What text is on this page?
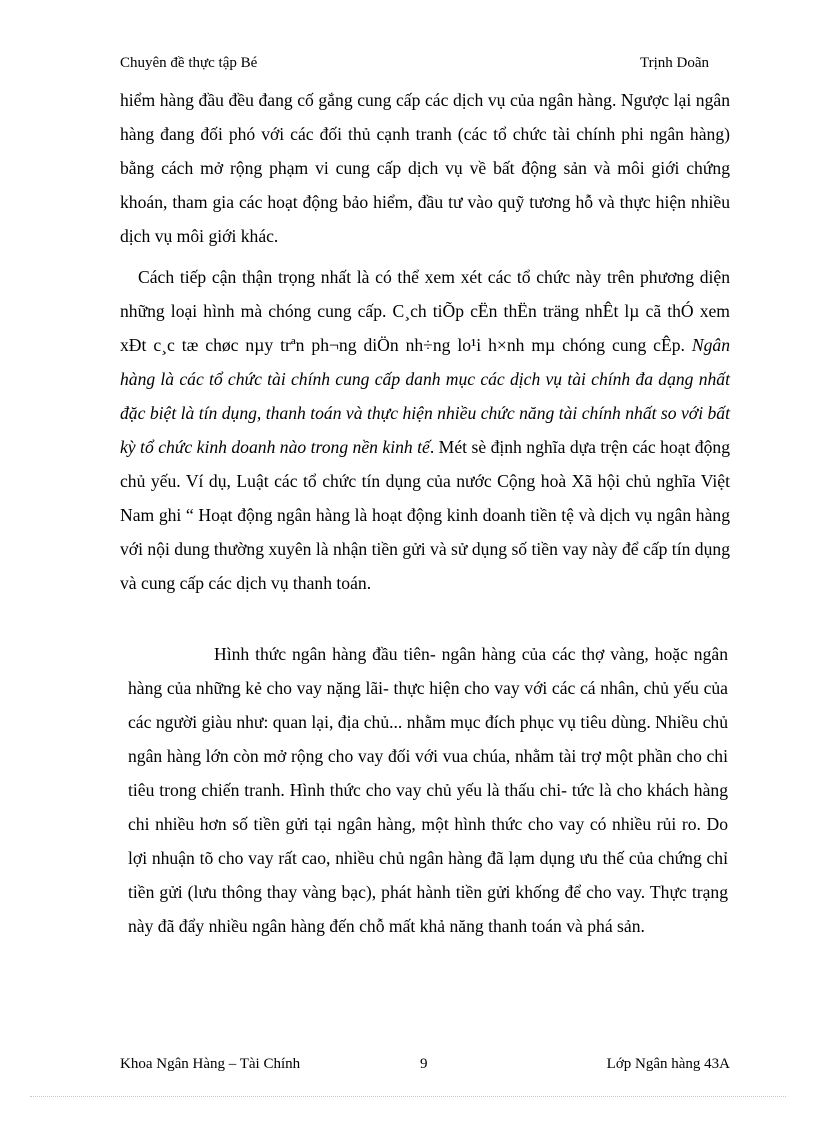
Chuyên đề thực tập Bé	Trịnh Doãn

hiểm hàng đầu đều đang cố gắng cung cấp các dịch vụ của ngân hàng. Ngược lại ngân hàng đang đối phó với các đối thủ cạnh tranh (các tổ chức tài chính phi ngân hàng) bằng cách mở rộng phạm vi cung cấp dịch vụ về bất động sản và môi giới chứng khoán, tham gia các hoạt động bảo hiểm, đầu tư vào quỹ tương hỗ và thực hiện nhiều dịch vụ môi giới khác.

Cách tiếp cận thận trọng nhất là có thể xem xét các tổ chức này trên phương diện những loại hình mà chóng cung cấp. C¸ch tiÕp cËn thËn träng nhÊt lµ cã thÓ xem xÐt c¸c tæ chøc nµy trªn ph¬ng diÖn nh÷ng lo¹i h×nh mµ chóng cung cÊp. Ngân hàng là các tổ chức tài chính cung cấp danh mục các dịch vụ tài chính đa dạng nhất đặc biệt là tín dụng, thanh toán và thực hiện nhiều chức năng tài chính nhất so với bất kỳ tổ chức kinh doanh nào trong nền kinh tế. Mét sè định nghĩa dựa trện các hoạt động chủ yếu. Ví dụ, Luật các tổ chức tín dụng của nước Cộng hoà Xã hội chủ nghĩa Việt Nam ghi “ Hoạt động ngân hàng là hoạt động kinh doanh tiền tệ và dịch vụ ngân hàng với nội dung thường xuyên là nhận tiền gửi và sử dụng số tiền vay này để cấp tín dụng và cung cấp các dịch vụ thanh toán.

Hình thức ngân hàng đầu tiên- ngân hàng của các thợ vàng, hoặc ngân hàng của những kẻ cho vay nặng lãi- thực hiện cho vay với các cá nhân, chủ yếu của các người giàu như: quan lại, địa chủ... nhằm mục đích phục vụ tiêu dùng. Nhiều chủ ngân hàng lớn còn mở rộng cho vay đối với vua chúa, nhằm tài trợ một phần cho chi tiêu trong chiến tranh. Hình thức cho vay chủ yếu là thấu chi- tức là cho khách hàng chi nhiều hơn số tiền gửi tại ngân hàng, một hình thức cho vay có nhiều rủi ro. Do lợi nhuận tõ cho vay rất cao, nhiều chủ ngân hàng đã lạm dụng ưu thế của chứng chỉ tiền gửi (lưu thông thay vàng bạc), phát hành tiền gửi khống để cho vay. Thực trạng này đã đẩy nhiều ngân hàng đến chỗ mất khả năng thanh toán và phá sản.

Khoa Ngân Hàng – Tài Chính	9	Lớp Ngân hàng 43A
